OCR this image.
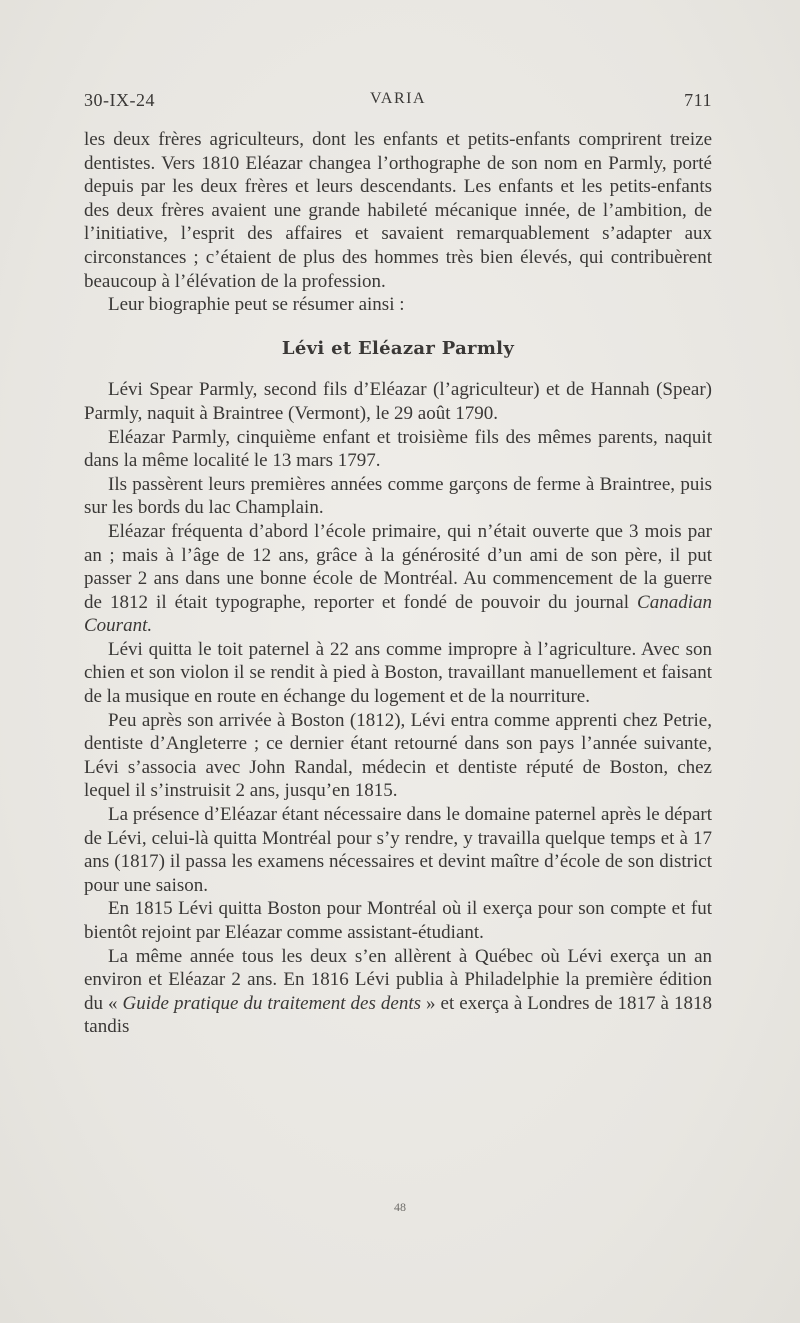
30-IX-24	VARIA	711

les deux frères agriculteurs, dont les enfants et petits-enfants comprirent treize dentistes. Vers 1810 Eléazar changea l’orthographe de son nom en Parmly, porté depuis par les deux frères et leurs descendants. Les enfants et les petits-enfants des deux frères avaient une grande habileté mécanique innée, de l’ambition, de l’initiative, l’esprit des affaires et savaient remarquablement s’adapter aux circonstances ; c’étaient de plus des hommes très bien élevés, qui contribuèrent beaucoup à l’élévation de la profession.

Leur biographie peut se résumer ainsi :

Lévi et Eléazar Parmly

Lévi Spear Parmly, second fils d’Eléazar (l’agriculteur) et de Hannah (Spear) Parmly, naquit à Braintree (Vermont), le 29 août 1790.

Eléazar Parmly, cinquième enfant et troisième fils des mêmes parents, naquit dans la même localité le 13 mars 1797.

Ils passèrent leurs premières années comme garçons de ferme à Braintree, puis sur les bords du lac Champlain.

Eléazar fréquenta d’abord l’école primaire, qui n’était ouverte que 3 mois par an ; mais à l’âge de 12 ans, grâce à la générosité d’un ami de son père, il put passer 2 ans dans une bonne école de Montréal. Au commencement de la guerre de 1812 il était typographe, reporter et fondé de pouvoir du journal Canadian Courant.

Lévi quitta le toit paternel à 22 ans comme impropre à l’agriculture. Avec son chien et son violon il se rendit à pied à Boston, travaillant manuellement et faisant de la musique en route en échange du logement et de la nourriture.

Peu après son arrivée à Boston (1812), Lévi entra comme apprenti chez Petrie, dentiste d’Angleterre ; ce dernier étant retourné dans son pays l’année suivante, Lévi s’associa avec John Randal, médecin et dentiste réputé de Boston, chez lequel il s’instruisit 2 ans, jusqu’en 1815.

La présence d’Eléazar étant nécessaire dans le domaine paternel après le départ de Lévi, celui-là quitta Montréal pour s’y rendre, y travailla quelque temps et à 17 ans (1817) il passa les examens nécessaires et devint maître d’école de son district pour une saison.

En 1815 Lévi quitta Boston pour Montréal où il exerça pour son compte et fut bientôt rejoint par Eléazar comme assistant-étudiant.

La même année tous les deux s’en allèrent à Québec où Lévi exerça un an environ et Eléazar 2 ans. En 1816 Lévi publia à Philadelphie la première édition du « Guide pratique du traitement des dents » et exerça à Londres de 1817 à 1818 tandis

48
